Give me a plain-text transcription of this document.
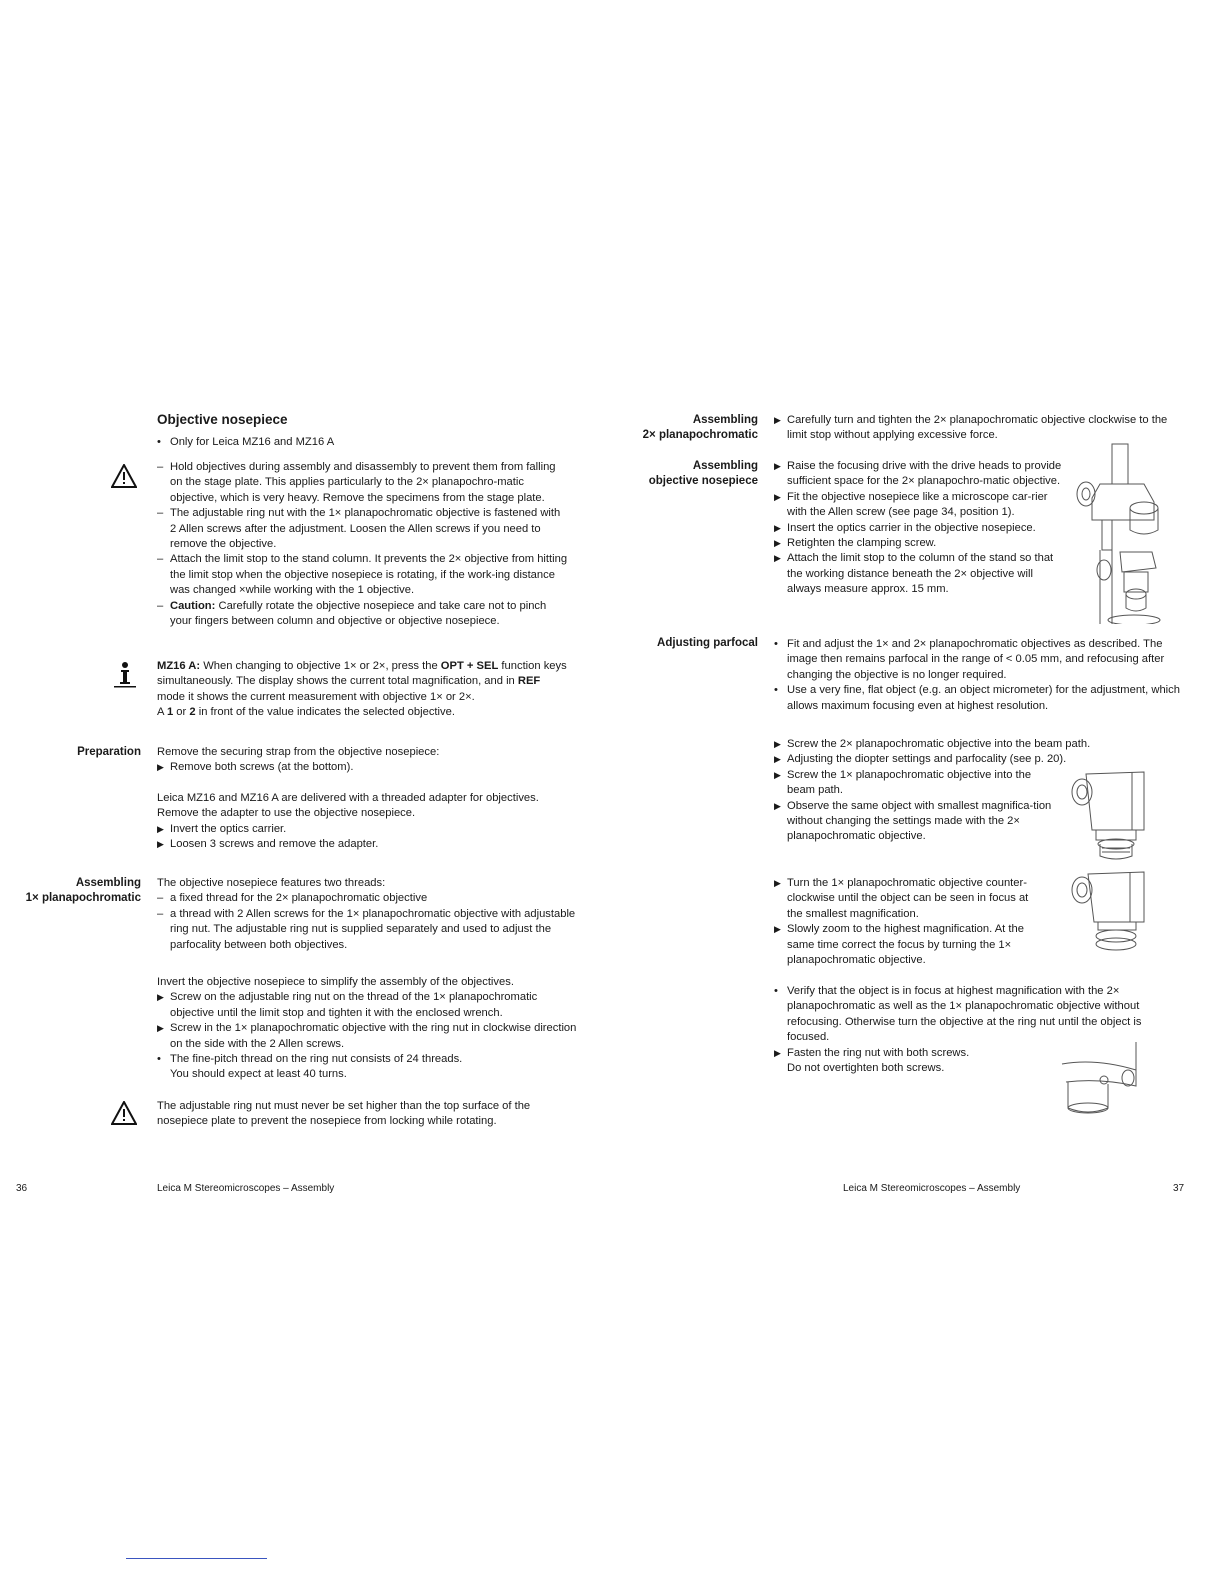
Objective nosepiece
• Only for Leica MZ16 and MZ16 A
– Hold objectives during assembly and disassembly to prevent them from falling on the stage plate. This applies particularly to the 2× planapochro-matic objective, which is very heavy. Remove the specimens from the stage plate.
– The adjustable ring nut with the 1× planapochromatic objective is fastened with 2 Allen screws after the adjustment. Loosen the Allen screws if you need to remove the objective.
– Attach the limit stop to the stand column. It prevents the 2× objective from hitting the limit stop when the objective nosepiece is rotating, if the work-ing distance was changed ×while working with the 1 objective.
– Caution: Carefully rotate the objective nosepiece and take care not to pinch your fingers between column and objective or objective nosepiece.

MZ16 A: When changing to objective 1× or 2×, press the OPT + SEL function keys simultaneously. The display shows the current total magnification, and in REF mode it shows the current measurement with objective 1× or 2×.

A 1 or 2 in front of the value indicates the selected objective.

Preparation Remove the securing strap from the objective nosepiece:

▶ Remove both screws (at the bottom).

Leica MZ16 and MZ16 A are delivered with a threaded adapter for objectives. Remove the adapter to use the objective nosepiece.

▶ Invert the optics carrier.
▶ Loosen 3 screws and remove the adapter.
Assembling
1× planapochromatic

The objective nosepiece features two threads:

– a fixed thread for the 2× planapochromatic objective
– a thread with 2 Allen screws for the 1× planapochromatic objective with adjustable ring nut. The adjustable ring nut is supplied separately and used to adjust the parfocality between both objectives.

Invert the objective nosepiece to simplify the assembly of the objectives.

▶ Screw on the adjustable ring nut on the thread of the 1× planapochromatic objective until the limit stop and tighten it with the enclosed wrench.
▶ Screw in the 1× planapochromatic objective with the ring nut in clockwise direction on the side with the 2 Allen screws.
• The fine-pitch thread on the ring nut consists of 24 threads.
You should expect at least 40 turns.
The adjustable ring nut must never be set higher than the top surface of the nosepiece plate to prevent the nosepiece from locking while rotating.
36	Leica M Stereomicroscopes – Assembly
Assembling
2× planapochromatic
▶ Carefully turn and tighten the 2× planapochromatic objective clockwise to the limit stop without applying excessive force.
Assembling
objective nosepiece
▶ Raise the focusing drive with the drive heads to provide sufficient space for the 2× planapochro-matic objective.
▶ Fit the objective nosepiece like a microscope car-rier with the Allen screw (see page 34, position 1).
▶ Insert the optics carrier in the objective nosepiece.
▶ Retighten the clamping screw.
▶ Attach the limit stop to the column of the stand so that the working distance beneath the 2× objective will always measure approx. 15 mm.
Adjusting parfocal • Fit and adjust the 1× and 2× planapochromatic objectives as described. The image then remains parfocal in the range of < 0.05 mm, and refocusing after changing the objective is no longer required.
• Use a very fine, flat object (e.g. an object micrometer) for the adjustment, which allows maximum focusing even at highest resolution.
▶ Screw the 2× planapochromatic objective into the beam path.
▶ Adjusting the diopter settings and parfocality (see p. 20).
▶ Screw the 1× planapochromatic objective into the beam path.
▶ Observe the same object with smallest magnifica-tion without changing the settings made with the 2× planapochromatic objective.
▶ Turn the 1× planapochromatic objective counter-clockwise until the object can be seen in focus at the smallest magnification.
▶ Slowly zoom to the highest magnification. At the same time correct the focus by turning the 1× planapochromatic objective.
• Verify that the object is in focus at highest magnification with the 2× planapochromatic as well as the 1× planapochromatic objective without refocusing. Otherwise turn the objective at the ring nut until the object is focused.
▶ Fasten the ring nut with both screws.
Do not overtighten both screws.
Leica M Stereomicroscopes – Assembly	37
